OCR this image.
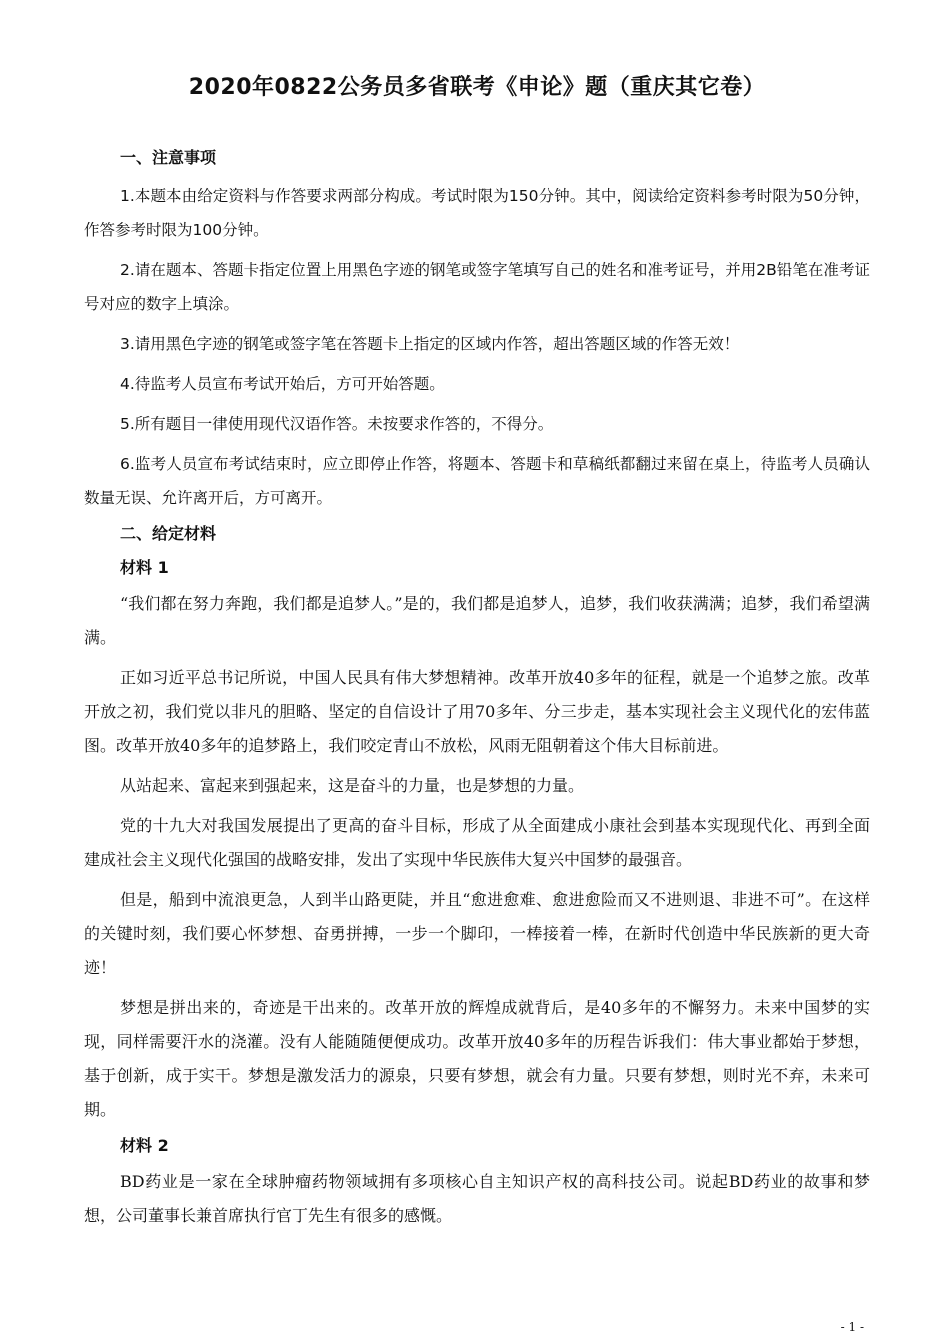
2020年0822公务员多省联考《申论》题（重庆其它卷）
一、注意事项

1.本题本由给定资料与作答要求两部分构成。考试时限为150分钟。其中，阅读给定资料参考时限为50分钟，作答参考时限为100分钟。

2.请在题本、答题卡指定位置上用黑色字迹的钢笔或签字笔填写自己的姓名和准考证号，并用2B铅笔在准考证号对应的数字上填涂。

3.请用黑色字迹的钢笔或签字笔在答题卡上指定的区域内作答，超出答题区域的作答无效！

4.待监考人员宣布考试开始后，方可开始答题。

5.所有题目一律使用现代汉语作答。未按要求作答的，不得分。

6.监考人员宣布考试结束时，应立即停止作答，将题本、答题卡和草稿纸都翻过来留在桌上，待监考人员确认数量无误、允许离开后，方可离开。

二、给定材料
材料 1

“我们都在努力奔跑，我们都是追梦人。”是的，我们都是追梦人，追梦，我们收获满满；追梦，我们希望满满。

正如习近平总书记所说，中国人民具有伟大梦想精神。改革开放40多年的征程，就是一个追梦之旅。改革开放之初，我们党以非凡的胆略、坚定的自信设计了用70多年、分三步走，基本实现社会主义现代化的宏伟蓝图。改革开放40多年的追梦路上，我们咬定青山不放松，风雨无阻朝着这个伟大目标前进。

从站起来、富起来到强起来，这是奋斗的力量，也是梦想的力量。

党的十九大对我国发展提出了更高的奋斗目标，形成了从全面建成小康社会到基本实现现代化、再到全面建成社会主义现代化强国的战略安排，发出了实现中华民族伟大复兴中国梦的最强音。

但是，船到中流浪更急，人到半山路更陡，并且“愈进愈难、愈进愈险而又不进则退、非进不可”。在这样的关键时刻，我们要心怀梦想、奋勇拼搏，一步一个脚印，一棒接着一棒，在新时代创造中华民族新的更大奇迹！

梦想是拼出来的，奇迹是干出来的。改革开放的辉煌成就背后，是40多年的不懈努力。未来中国梦的实现，同样需要汗水的浇灌。没有人能随随便便成功。改革开放40多年的历程告诉我们：伟大事业都始于梦想，基于创新，成于实干。梦想是激发活力的源泉，只要有梦想，就会有力量。只要有梦想，则时光不弃，未来可期。

材料 2

BD药业是一家在全球肿瘤药物领域拥有多项核心自主知识产权的高科技公司。说起BD药业的故事和梦想，公司董事长兼首席执行官丁先生有很多的感慨。

- 1 -
